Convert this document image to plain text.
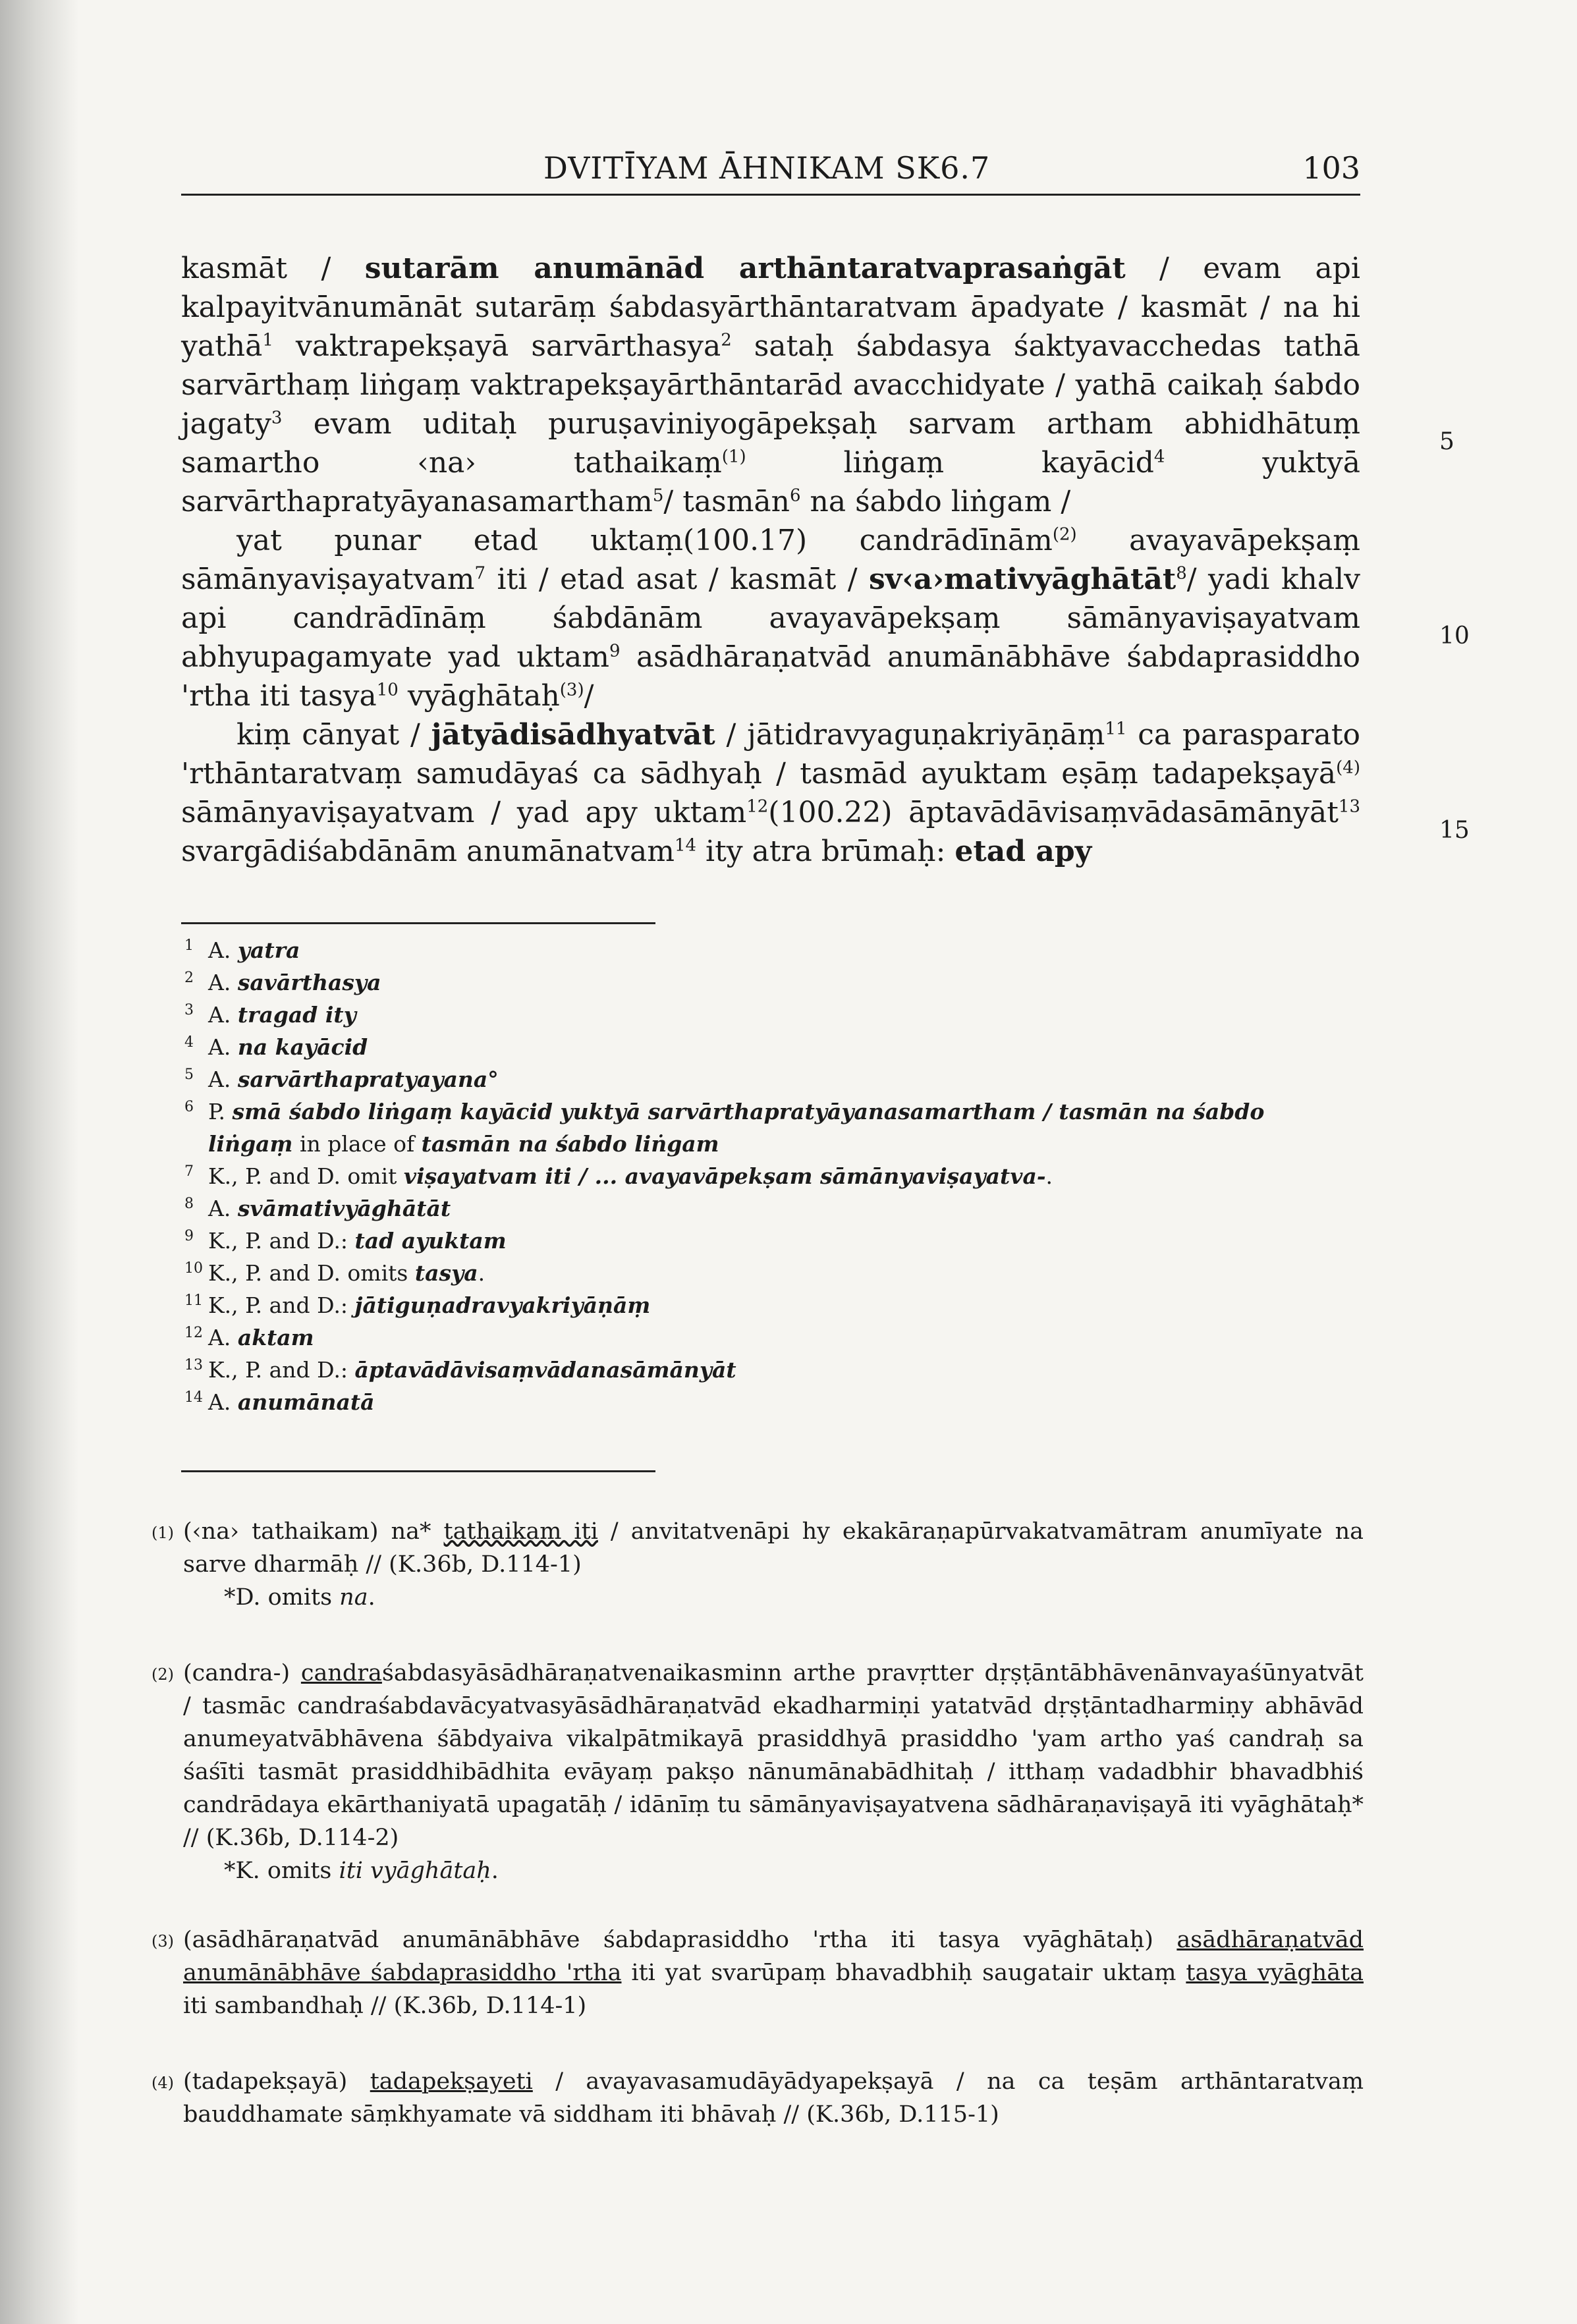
DVITĪYAM ĀHNIKAM SK6.7	103

kasmāt / sutarām anumānād arthāntaratvaprasaṅgāt / evam api kalpayitvānumānāt sutarāṃ śabdasyārthāntaratvam āpadyate / kasmāt / na hi yathā$^1$ vaktrapekṣayā sarvārthasya$^2$ sataḥ śabdasya śaktyavacchedas tathā sarvārthaṃ liṅgaṃ vaktrapekṣayārthāntarād avacchidyate / yathā caikaḥ śabdo jagaty$^3$ evam uditaḥ puruṣaviniyogāpekṣaḥ sarvam artham abhidhātuṃ samartho ‹na› tathaikaṃ$^{(1)}$ liṅgaṃ kayācid$^4$ yuktyā sarvārthapratyāyanasamartham$^5$/ tasmān$^6$ na śabdo liṅgam /

yat punar etad uktaṃ(100.17) candrādīnām$^{(2)}$ avayavāpekṣaṃ sāmānyaviṣayatvam$^7$ iti / etad asat / kasmāt / sv‹a›mativyāghātāt$^8$/ yadi khalv api candrādīnāṃ śabdānām avayavāpekṣaṃ sāmānyaviṣayatvam abhyupagamyate yad uktam$^9$ asādhāraṇatvād anumānābhāve śabdaprasiddho 'rtha iti tasya$^{10}$ vyāghātaḥ$^{(3)}$/

kiṃ cānyat / jātyādisādhyatvāt / jātidravyaguṇakriyāṇāṃ$^{11}$ ca parasparato 'rthāntaratvaṃ samudāyaś ca sādhyaḥ / tasmād ayuktam eṣāṃ tadapekṣayā$^{(4)}$ sāmānyaviṣayatvam / yad apy uktam$^{12}$(100.22) āptavādāvisaṃvādasāmānyāt$^{13}$ svargādiśabdānām anumānatvam$^{14}$ ity atra brūmaḥ: etad apy

5
10
15
1 A. yatra
2 A. savārthasya
3 A. tragad ity
4 A. na kayācid
5 A. sarvārthapratyayana°
6 P. smā śabdo liṅgaṃ kayācid yuktyā sarvārthapratyāyanasamartham / tasmān na śabdo
liṅgaṃ in place of tasmān na śabdo liṅgam
7 K., P. and D. omit viṣayatvam iti / ... avayavāpekṣam sāmānyaviṣayatva-.
8 A. svāmativyāghātāt
9 K., P. and D.: tad ayuktam
10 K., P. and D. omits tasya.
11 K., P. and D.: jātiguṇadravyakriyāṇāṃ
12 A. aktam
13 K., P. and D.: āptavādāvisaṃvādanasāmānyāt
14 A. anumānatā
(1) (‹na› tathaikam) na* tathaikam iti / anvitatvenāpi hy ekakāraṇapūrvakatvamātram anumīyate na sarve dharmāḥ // (K.36b, D.114-1)
*D. omits na.
(2) (candra-) candraśabdasyāsādhāraṇatvenaikasminn arthe pravṛtter dṛṣṭāntābhāvenānvayaśūnyatvāt / tasmāc candraśabdavācyatvasyāsādhāraṇatvād ekadharmiṇi yatatvād dṛṣṭāntadharmiṇy abhāvād anumeyatvābhāvena śābdyaiva vikalpātmikayā prasiddhyā prasiddho 'yam artho yaś candraḥ sa śaśīti tasmāt prasiddhibādhita evāyaṃ pakṣo nānumānabādhitaḥ / itthaṃ vadadbhir bhavadbhiś candrādaya ekārthaniyatā upagatāḥ / idānīṃ tu sāmānyaviṣayatvena sādhāraṇaviṣayā iti vyāghātaḥ* // (K.36b, D.114-2)
*K. omits iti vyāghātaḥ.
(3) (asādhāraṇatvād anumānābhāve śabdaprasiddho 'rtha iti tasya vyāghātaḥ) asādhāraṇatvād anumānābhāve śabdaprasiddho 'rtha iti yat svarūpaṃ bhavadbhiḥ saugatair uktaṃ tasya vyāghāta iti sambandhaḥ // (K.36b, D.114-1)
(4) (tadapekṣayā) tadapekṣayeti / avayavasamudāyādyapekṣayā / na ca teṣām arthāntaratvaṃ bauddhamate sāṃkhyamate vā siddham iti bhāvaḥ // (K.36b, D.115-1)
